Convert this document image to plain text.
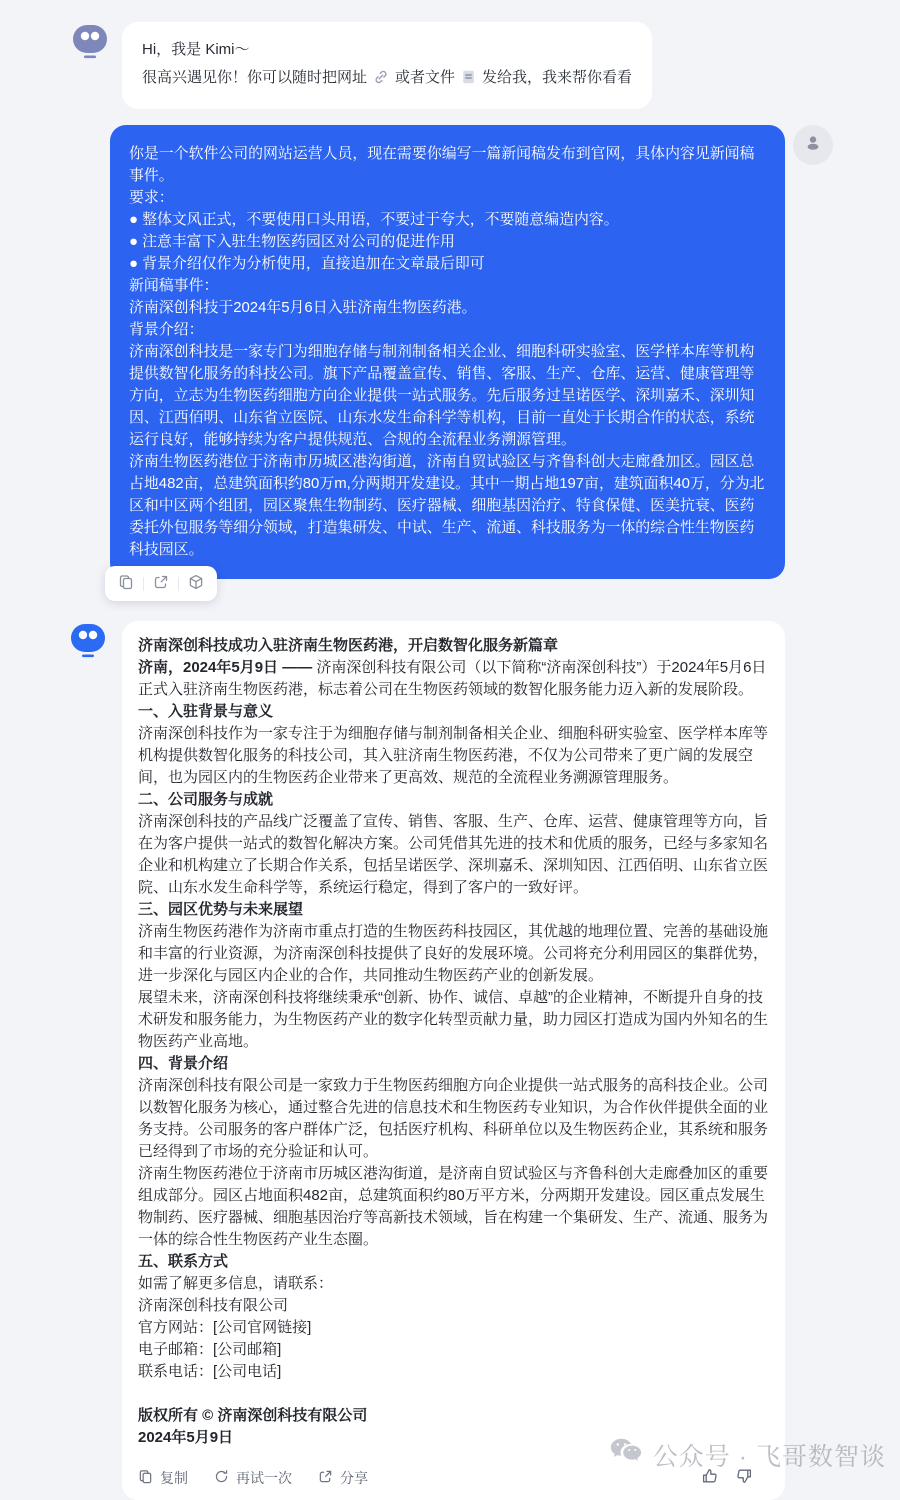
Hi，我是 Kimi～
很高兴遇见你！你可以随时把网址 或者文件 发给我，我来帮你看看
你是一个软件公司的网站运营人员，现在需要你编写一篇新闻稿发布到官网，具体内容见新闻稿事件。
要求：
● 整体文风正式，不要使用口头用语，不要过于夸大，不要随意编造内容。
● 注意丰富下入驻生物医药园区对公司的促进作用
● 背景介绍仅作为分析使用，直接追加在文章最后即可
新闻稿事件：
济南深创科技于2024年5月6日入驻济南生物医药港。
背景介绍：
济南深创科技是一家专门为细胞存储与制剂制备相关企业、细胞科研实验室、医学样本库等机构提供数智化服务的科技公司。旗下产品覆盖宣传、销售、客服、生产、仓库、运营、健康管理等方向，立志为生物医药细胞方向企业提供一站式服务。先后服务过呈诺医学、深圳嘉禾、深圳知因、江西佰明、山东省立医院、山东水发生命科学等机构，目前一直处于长期合作的状态，系统运行良好，能够持续为客户提供规范、合规的全流程业务溯源管理。
济南生物医药港位于济南市历城区港沟街道，济南自贸试验区与齐鲁科创大走廊叠加区。园区总占地482亩，总建筑面积约80万m,分两期开发建设。其中一期占地197亩，建筑面积40万，分为北区和中区两个组团，园区聚焦生物制药、医疗器械、细胞基因治疗、特食保健、医美抗衰、医药委托外包服务等细分领域，打造集研发、中试、生产、流通、科技服务为一体的综合性生物医药科技园区。
济南深创科技成功入驻济南生物医药港，开启数智化服务新篇章
济南，2024年5月9日 —— 济南深创科技有限公司（以下简称“济南深创科技”）于2024年5月6日正式入驻济南生物医药港，标志着公司在生物医药领域的数智化服务能力迈入新的发展阶段。
一、入驻背景与意义
济南深创科技作为一家专注于为细胞存储与制剂制备相关企业、细胞科研实验室、医学样本库等机构提供数智化服务的科技公司，其入驻济南生物医药港，不仅为公司带来了更广阔的发展空间，也为园区内的生物医药企业带来了更高效、规范的全流程业务溯源管理服务。
二、公司服务与成就
济南深创科技的产品线广泛覆盖了宣传、销售、客服、生产、仓库、运营、健康管理等方向，旨在为客户提供一站式的数智化解决方案。公司凭借其先进的技术和优质的服务，已经与多家知名企业和机构建立了长期合作关系，包括呈诺医学、深圳嘉禾、深圳知因、江西佰明、山东省立医院、山东水发生命科学等，系统运行稳定，得到了客户的一致好评。
三、园区优势与未来展望
济南生物医药港作为济南市重点打造的生物医药科技园区，其优越的地理位置、完善的基础设施和丰富的行业资源，为济南深创科技提供了良好的发展环境。公司将充分利用园区的集群优势，进一步深化与园区内企业的合作，共同推动生物医药产业的创新发展。
展望未来，济南深创科技将继续秉承“创新、协作、诚信、卓越”的企业精神，不断提升自身的技术研发和服务能力，为生物医药产业的数字化转型贡献力量，助力园区打造成为国内外知名的生物医药产业高地。
四、背景介绍
济南深创科技有限公司是一家致力于生物医药细胞方向企业提供一站式服务的高科技企业。公司以数智化服务为核心，通过整合先进的信息技术和生物医药专业知识，为合作伙伴提供全面的业务支持。公司服务的客户群体广泛，包括医疗机构、科研单位以及生物医药企业，其系统和服务已经得到了市场的充分验证和认可。
济南生物医药港位于济南市历城区港沟街道，是济南自贸试验区与齐鲁科创大走廊叠加区的重要组成部分。园区占地面积482亩，总建筑面积约80万平方米，分两期开发建设。园区重点发展生物制药、医疗器械、细胞基因治疗等高新技术领域，旨在构建一个集研发、生产、流通、服务为一体的综合性生物医药产业生态圈。
五、联系方式
如需了解更多信息，请联系：
济南深创科技有限公司
官方网站：[公司官网链接]
电子邮箱：[公司邮箱]
联系电话：[公司电话]
版权所有 © 济南深创科技有限公司
2024年5月9日
复制	再试一次	分享
公众号 · 飞哥数智谈
